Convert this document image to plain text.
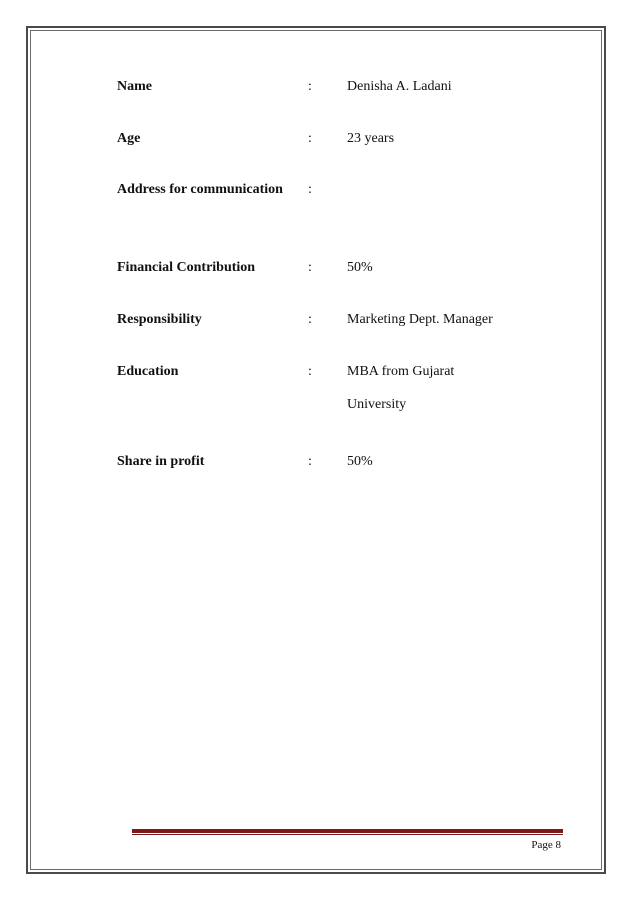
Name	:	Denisha A. Ladani
Age	:	23 years
Address for communication :
Financial Contribution	:	50%
Responsibility	:	Marketing Dept. Manager
Education	:	MBA from Gujarat
University
Share in profit	:	50%
Page 8
